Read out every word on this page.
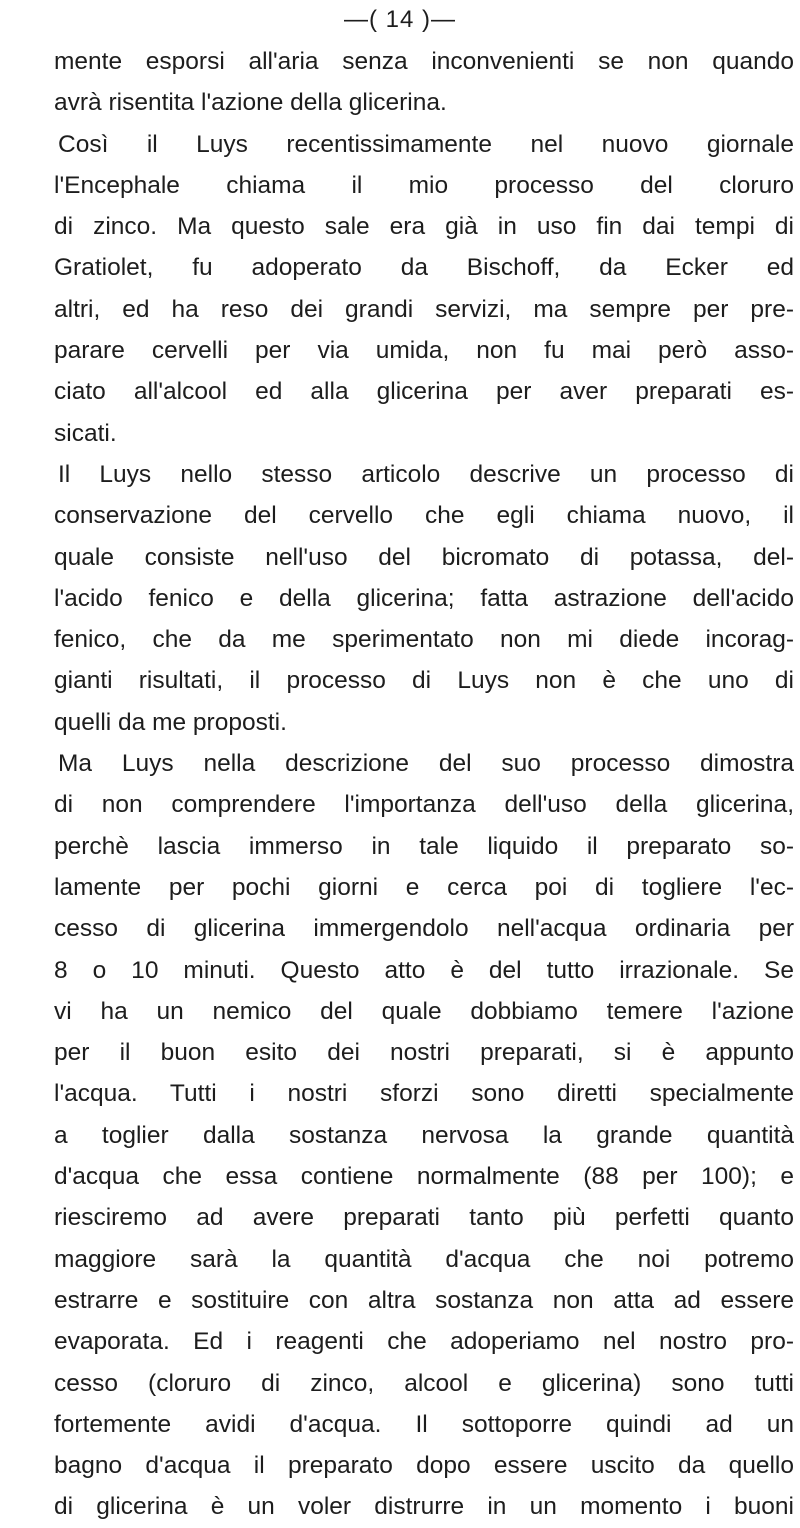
—( 14 )—
mente esporsi all'aria senza inconvenienti se non quando
avrà risentita l'azione della glicerina.
Così il Luys recentissimamente nel nuovo giornale
l'Encephale chiama il mio processo del cloruro
di zinco. Ma questo sale era già in uso fin dai tempi di
Gratiolet, fu adoperato da Bischoff, da Ecker ed
altri, ed ha reso dei grandi servizi, ma sempre per pre-
parare cervelli per via umida, non fu mai però asso-
ciato all'alcool ed alla glicerina per aver preparati es-
sicati.
Il Luys nello stesso articolo descrive un processo di
conservazione del cervello che egli chiama nuovo, il
quale consiste nell'uso del bicromato di potassa, del-
l'acido fenico e della glicerina; fatta astrazione dell'acido
fenico, che da me sperimentato non mi diede incorag-
gianti risultati, il processo di Luys non è che uno di
quelli da me proposti.
Ma Luys nella descrizione del suo processo dimostra
di non comprendere l'importanza dell'uso della glicerina,
perchè lascia immerso in tale liquido il preparato so-
lamente per pochi giorni e cerca poi di togliere l'ec-
cesso di glicerina immergendolo nell'acqua ordinaria per
8 o 10 minuti. Questo atto è del tutto irrazionale. Se
vi ha un nemico del quale dobbiamo temere l'azione
per il buon esito dei nostri preparati, si è appunto
l'acqua. Tutti i nostri sforzi sono diretti specialmente
a toglier dalla sostanza nervosa la grande quantità
d'acqua che essa contiene normalmente (88 per 100); e
riesciremo ad avere preparati tanto più perfetti quanto
maggiore sarà la quantità d'acqua che noi potremo
estrarre e sostituire con altra sostanza non atta ad essere
evaporata. Ed i reagenti che adoperiamo nel nostro pro-
cesso (cloruro di zinco, alcool e glicerina) sono tutti
fortemente avidi d'acqua. Il sottoporre quindi ad un
bagno d'acqua il preparato dopo essere uscito da quello
di glicerina è un voler distrurre in un momento i buoni
